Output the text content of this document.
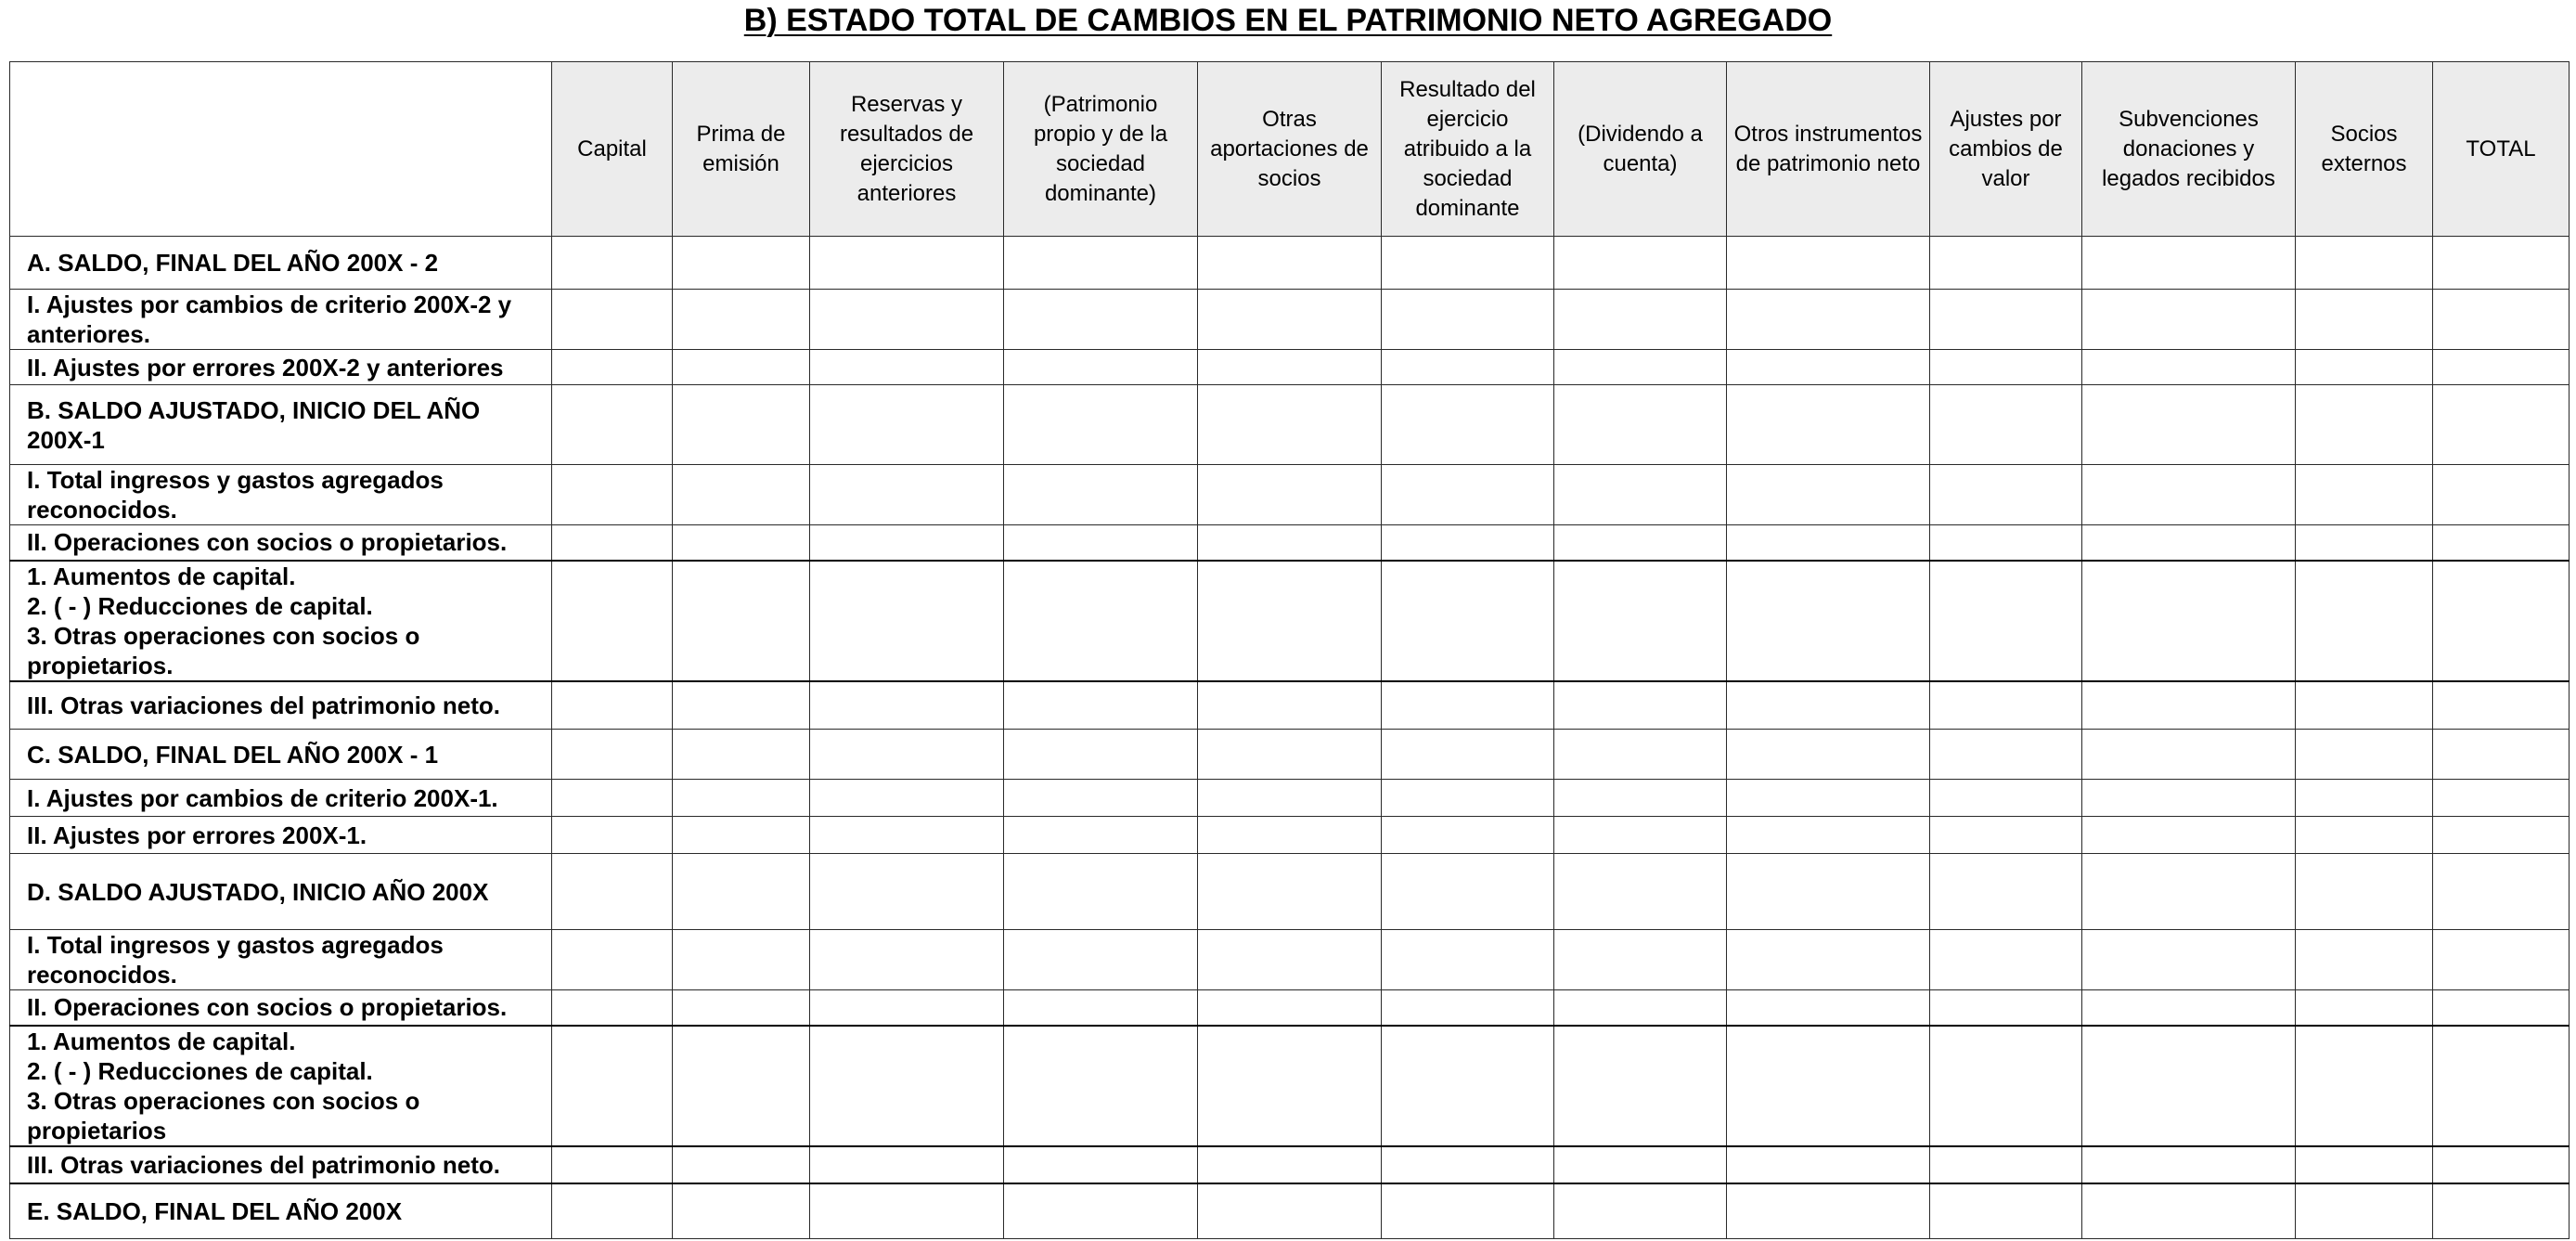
B) ESTADO TOTAL DE CAMBIOS EN EL PATRIMONIO NETO AGREGADO

	Capital	Prima de emisión	Reservas y resultados de ejercicios anteriores	(Patrimonio propio y de la sociedad dominante)	Otras aportaciones de socios	Resultado del ejercicio atribuido a la sociedad dominante	(Dividendo a cuenta)	Otros instrumentos de patrimonio neto	Ajustes por cambios de valor	Subvenciones donaciones y legados recibidos	Socios externos	TOTAL

A. SALDO, FINAL DEL AÑO 200X - 2												
I. Ajustes por cambios de criterio 200X-2 y anteriores.												
II. Ajustes por errores 200X-2 y anteriores												
B. SALDO AJUSTADO, INICIO DEL AÑO 200X-1												
I. Total ingresos y gastos agregados reconocidos.												
II. Operaciones con socios o propietarios.												
1. Aumentos de capital.
2. ( - ) Reducciones de capital.
3. Otras operaciones con socios o propietarios.												
III. Otras variaciones del patrimonio neto.												
C. SALDO, FINAL DEL AÑO 200X - 1												
I. Ajustes por cambios de criterio 200X-1.												
II. Ajustes por errores 200X-1.												
D. SALDO AJUSTADO, INICIO AÑO 200X												
I. Total ingresos y gastos agregados reconocidos.												
II. Operaciones con socios o propietarios.												
1. Aumentos de capital.
2. ( - ) Reducciones de capital.
3. Otras operaciones con socios o propietarios												
III. Otras variaciones del patrimonio neto.												
E. SALDO, FINAL DEL AÑO 200X												
